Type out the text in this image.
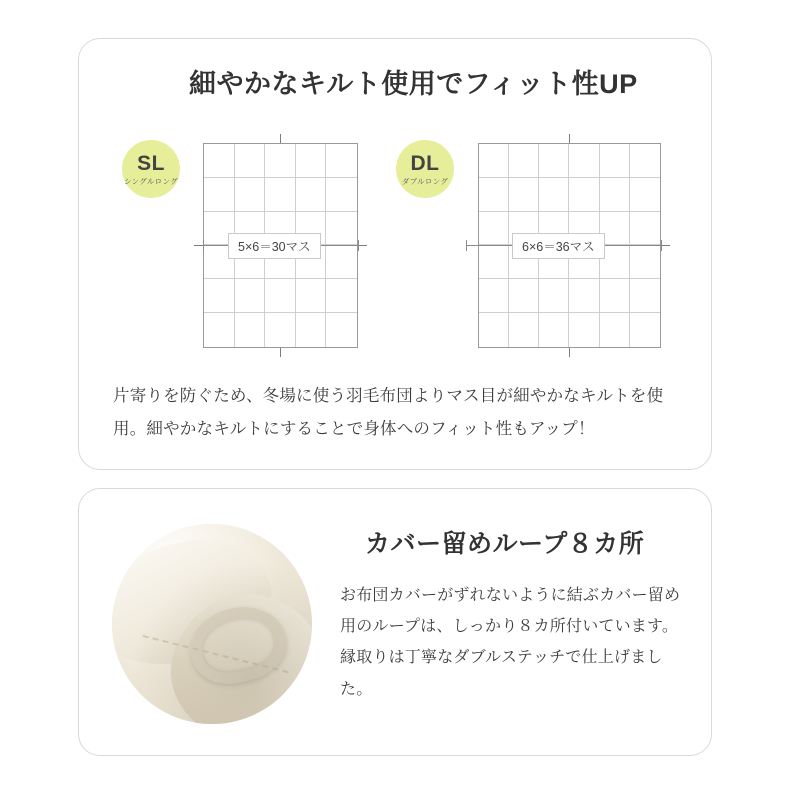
細やかなキルト使用でフィット性UP
SL
シングルロング
DL
ダブルロング
5×6＝30マス	6×6＝36マス
片寄りを防ぐため、冬場に使う羽毛布団よりマス目が細やかなキルトを使用。細やかなキルトにすることで身体へのフィット性もアップ！
カバー留めループ８カ所
お布団カバーがずれないように結ぶカバー留め用のループは、しっかり８カ所付いています。縁取りは丁寧なダブルステッチで仕上げました。
